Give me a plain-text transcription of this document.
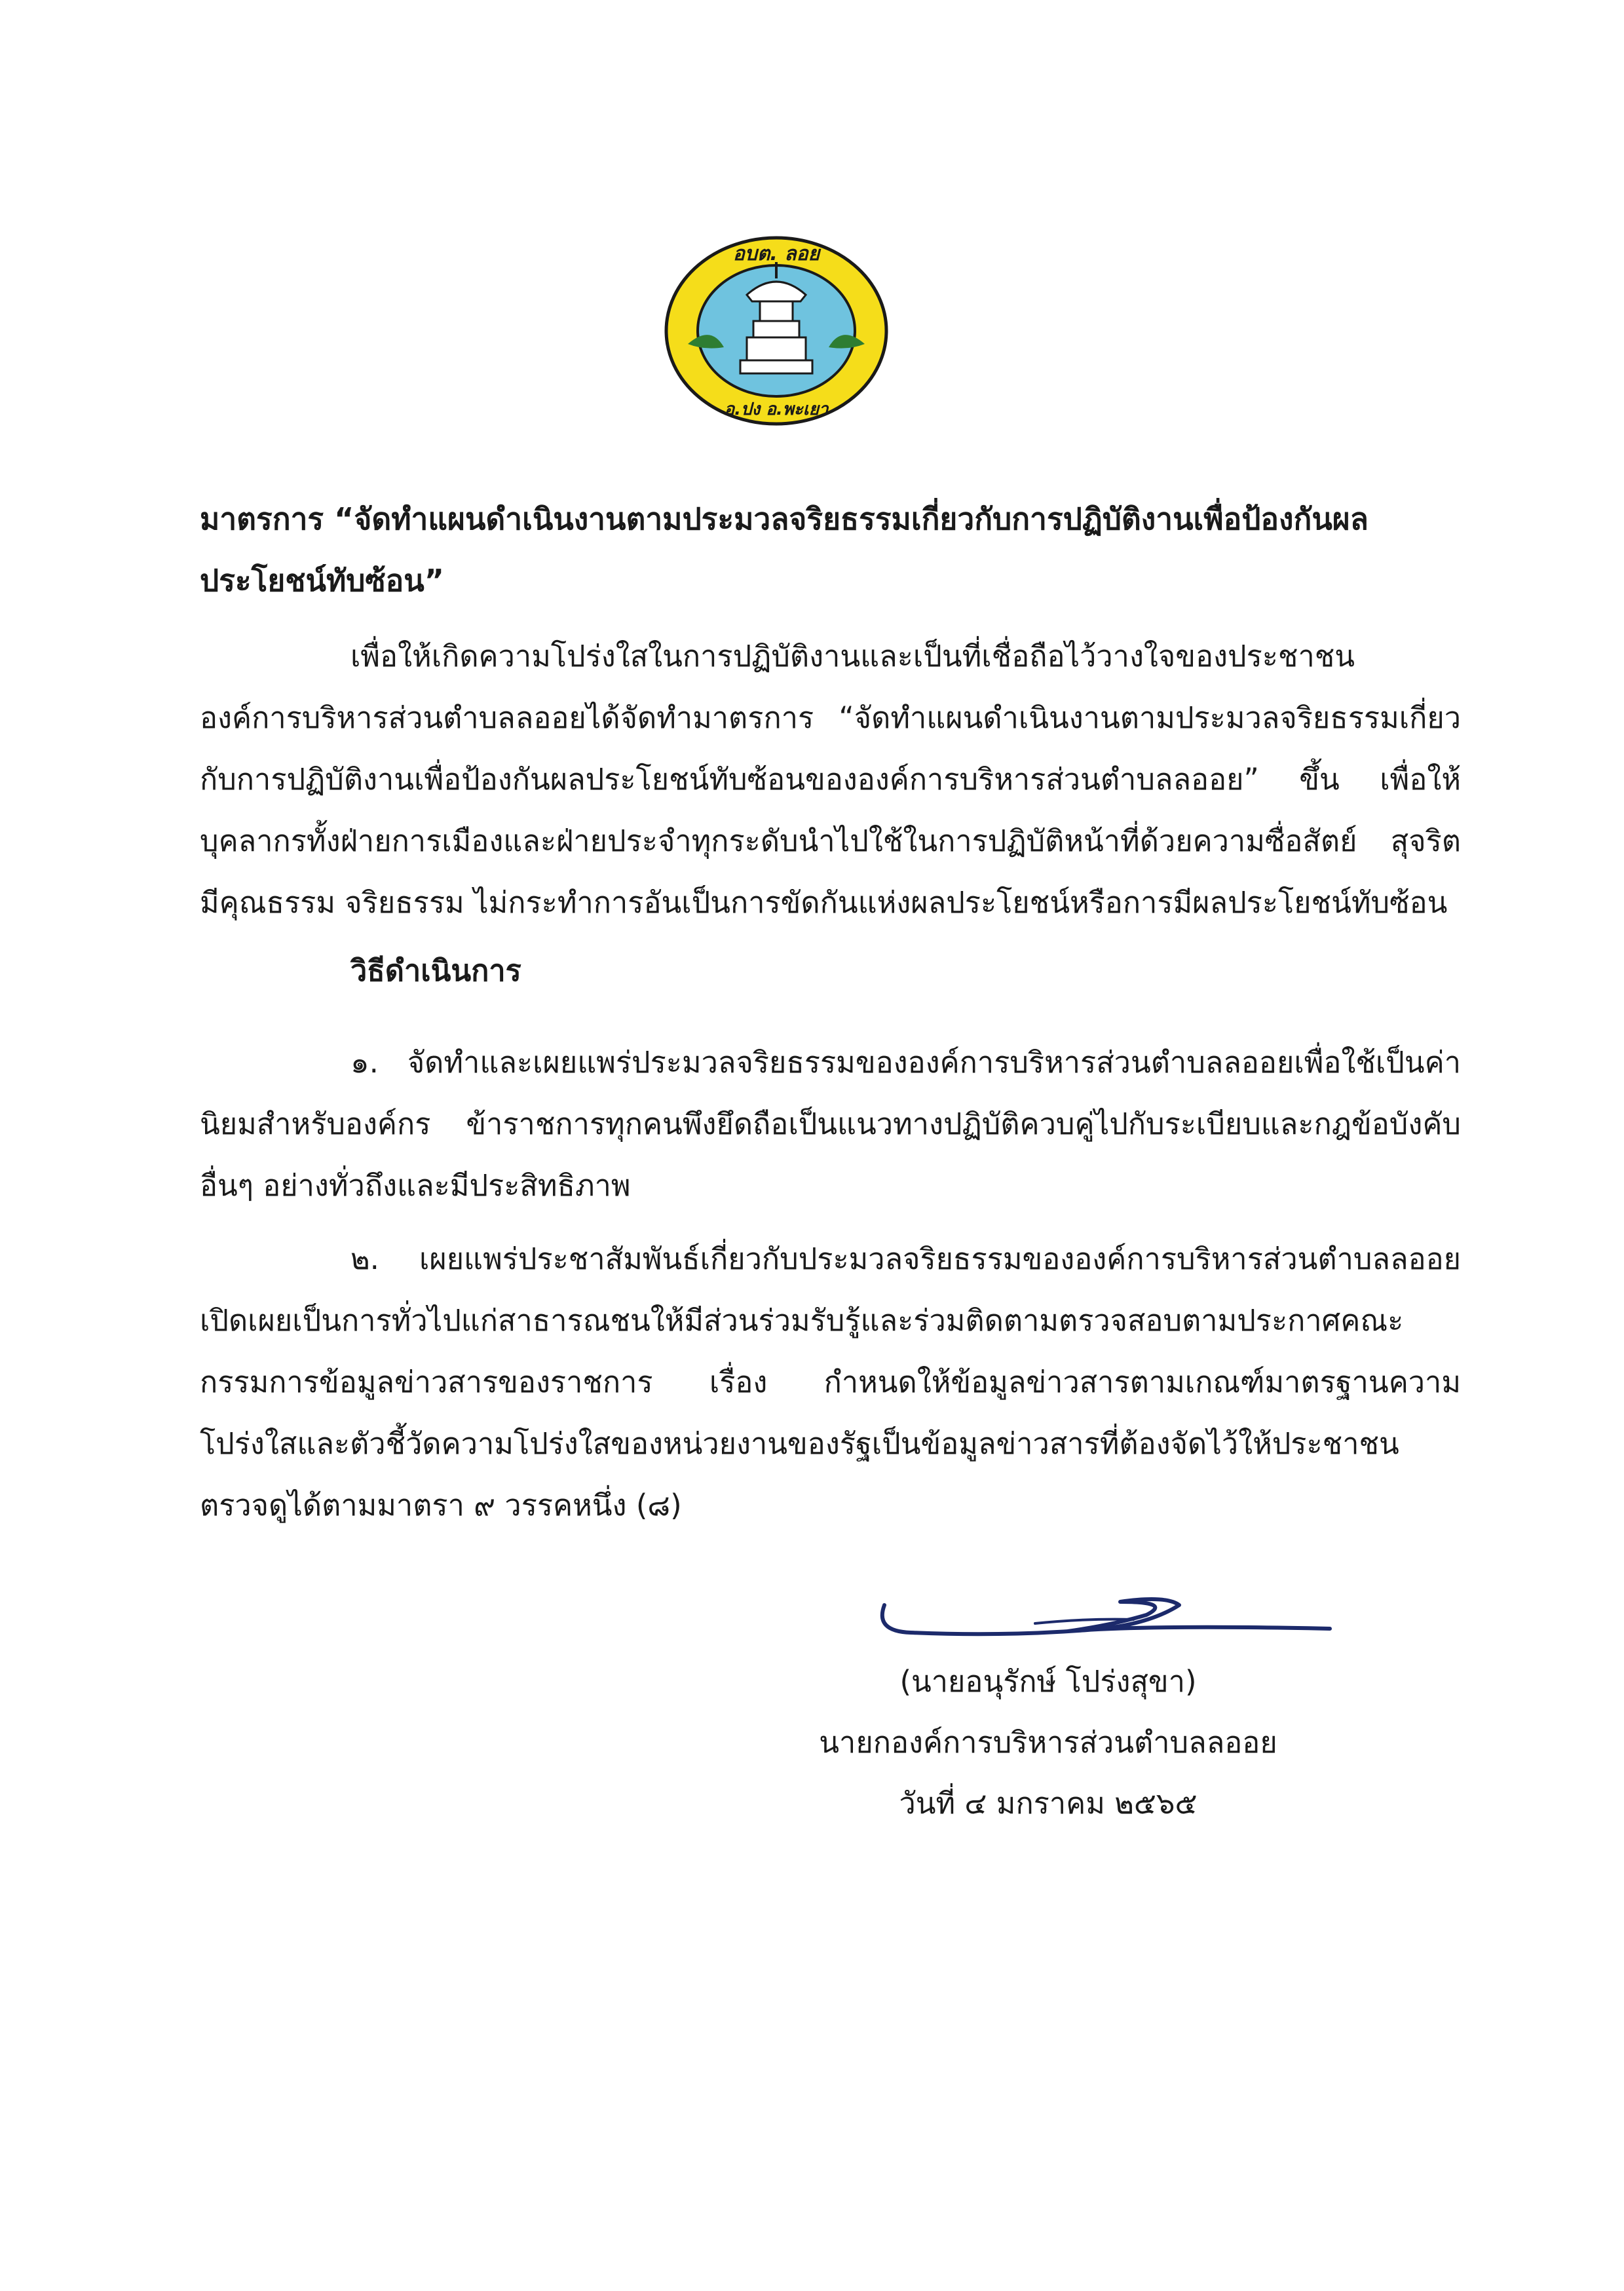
อบต. ลอย
อ.ปง อ.พะเยา

มาตรการ “จัดทำแผนดำเนินงานตามประมวลจริยธรรมเกี่ยวกับการปฏิบัติงานเพื่อป้องกันผลประโยชน์ทับซ้อน”

เพื่อให้เกิดความโปร่งใสในการปฏิบัติงานและเป็นที่เชื่อถือไว้วางใจของประชาชน องค์การบริหารส่วนตำบลลออยได้จัดทำมาตรการ “จัดทำแผนดำเนินงานตามประมวลจริยธรรมเกี่ยวกับการปฏิบัติงานเพื่อป้องกันผลประโยชน์ทับซ้อนขององค์การบริหารส่วนตำบลลออย” ขึ้น เพื่อให้บุคลากรทั้งฝ่ายการเมืองและฝ่ายประจำทุกระดับนำไปใช้ในการปฏิบัติหน้าที่ด้วยความซื่อสัตย์ สุจริต มีคุณธรรม จริยธรรม ไม่กระทำการอันเป็นการขัดกันแห่งผลประโยชน์หรือการมีผลประโยชน์ทับซ้อน

วิธีดำเนินการ

๑. จัดทำและเผยแพร่ประมวลจริยธรรมขององค์การบริหารส่วนตำบลลออยเพื่อใช้เป็นค่านิยมสำหรับองค์กร ข้าราชการทุกคนพึงยึดถือเป็นแนวทางปฏิบัติควบคู่ไปกับระเบียบและกฎข้อบังคับอื่นๆ อย่างทั่วถึงและมีประสิทธิภาพ

๒. เผยแพร่ประชาสัมพันธ์เกี่ยวกับประมวลจริยธรรมขององค์การบริหารส่วนตำบลลออย เปิดเผยเป็นการทั่วไปแก่สาธารณชนให้มีส่วนร่วมรับรู้และร่วมติดตามตรวจสอบตามประกาศคณะกรรมการข้อมูลข่าวสารของราชการ เรื่อง กำหนดให้ข้อมูลข่าวสารตามเกณฑ์มาตรฐานความโปร่งใสและตัวชี้วัดความโปร่งใสของหน่วยงานของรัฐเป็นข้อมูลข่าวสารที่ต้องจัดไว้ให้ประชาชนตรวจดูได้ตามมาตรา ๙ วรรคหนึ่ง (๘)

(นายอนุรักษ์ โปร่งสุขา)
นายกองค์การบริหารส่วนตำบลลออย
วันที่ ๔ มกราคม ๒๕๖๕
